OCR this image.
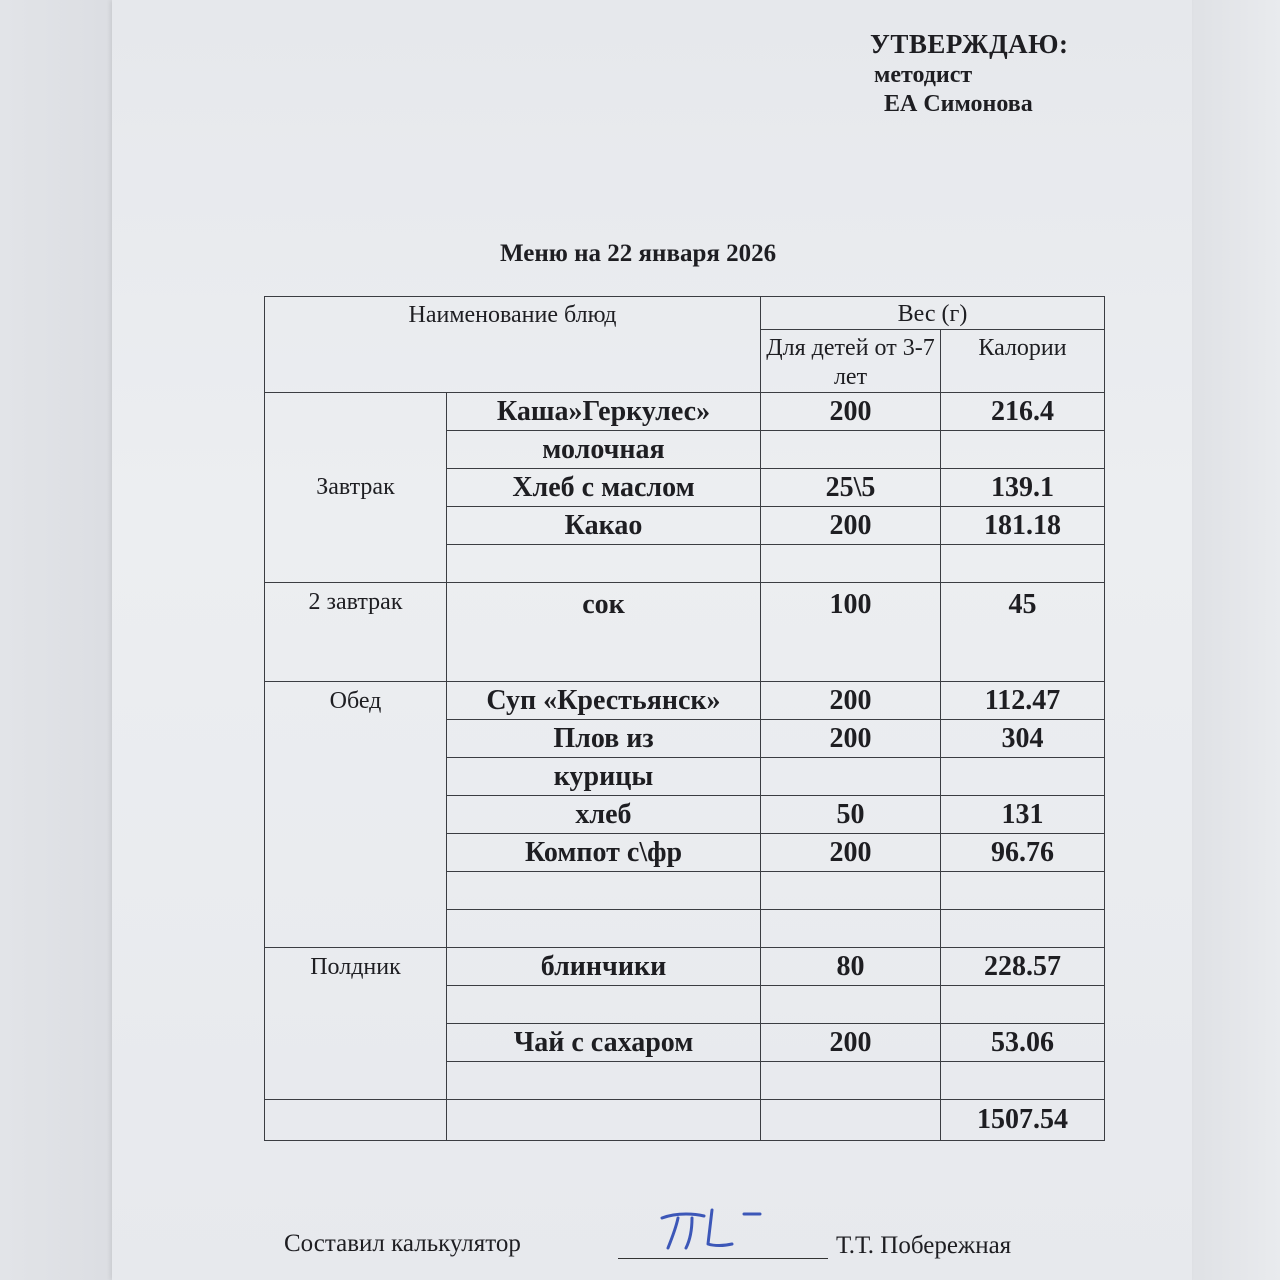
УТВЕРЖДАЮ:
методист
ЕА Симонова
Меню на 22 января 2026
Наименование блюд		Вес (г)	
		Для детей от 3-7 лет	Калории
Завтрак	Каша»Геркулес»	200	216.4
	молочная		
	Хлеб с маслом	25\5	139.1
	Какао	200	181.18

2 завтрак	сок	100	45
Обед	Суп «Крестьянск»	200	112.47
	Плов из	200	304
	курицы		
	хлеб	50	131
	Компот с\фр	200	96.76

Полдник	блинчики	80	228.57

	Чай с сахаром	200	53.06

			1507.54
Составил калькулятор	Т.Т. Побережная
